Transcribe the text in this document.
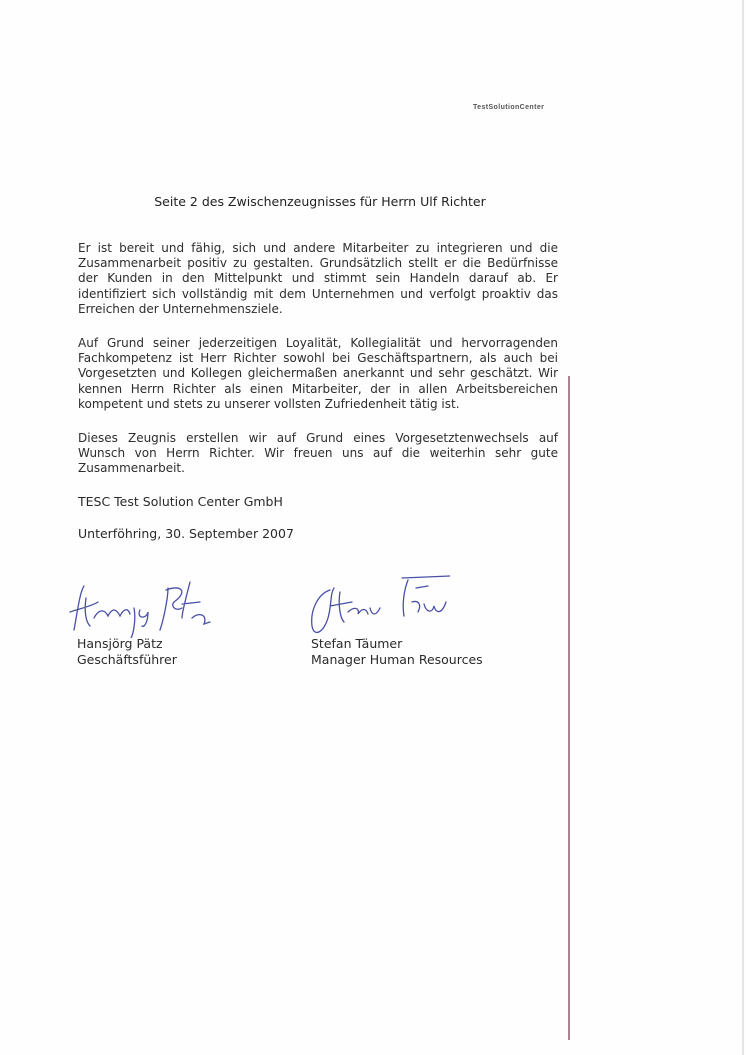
TestSolutionCenter
Seite 2 des Zwischenzeugnisses für Herrn Ulf Richter

Er ist bereit und fähig, sich und andere Mitarbeiter zu integrieren und die Zusammenarbeit positiv zu gestalten. Grundsätzlich stellt er die Bedürfnisse der Kunden in den Mittelpunkt und stimmt sein Handeln darauf ab. Er identifiziert sich vollständig mit dem Unternehmen und verfolgt proaktiv das Erreichen der Unternehmensziele.

Auf Grund seiner jederzeitigen Loyalität, Kollegialität und hervorragenden Fachkompetenz ist Herr Richter sowohl bei Geschäftspartnern, als auch bei Vorgesetzten und Kollegen gleichermaßen anerkannt und sehr geschätzt. Wir kennen Herrn Richter als einen Mitarbeiter, der in allen Arbeitsbereichen kompetent und stets zu unserer vollsten Zufriedenheit tätig ist.

Dieses Zeugnis erstellen wir auf Grund eines Vorgesetztenwechsels auf Wunsch von Herrn Richter. Wir freuen uns auf die weiterhin sehr gute Zusammenarbeit.

TESC Test Solution Center GmbH
Unterföhring, 30. September 2007
Hansjörg Pätz
Geschäftsführer
Stefan Täumer
Manager Human Resources
